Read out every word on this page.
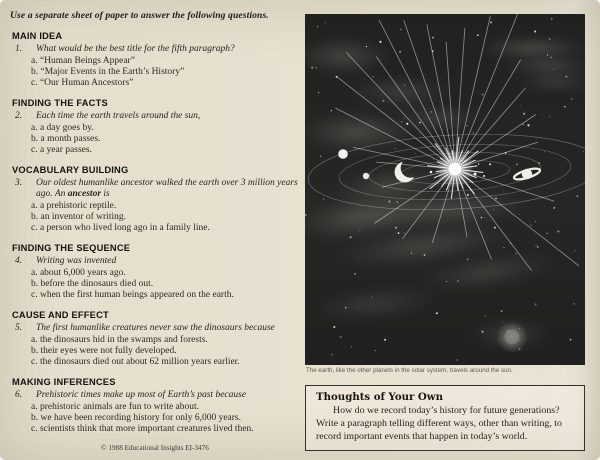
Use a separate sheet of paper to answer the following questions.

MAIN IDEA
1.	What would be the best title for the fifth paragraph?
a. “Human Beings Appear”
b. “Major Events in the Earth’s History”
c. “Our Human Ancestors”
FINDING THE FACTS
2.	Each time the earth travels around the sun,
a. a day goes by.
b. a month passes.
c. a year passes.
VOCABULARY BUILDING
3.	Our oldest humanlike ancestor walked the earth over 3 million years ago. An ancestor is
a. a prehistoric reptile.
b. an inventor of writing.
c. a person who lived long ago in a family line.
FINDING THE SEQUENCE
4.	Writing was invented
a. about 6,000 years ago.
b. before the dinosaurs died out.
c. when the first human beings appeared on the earth.
CAUSE AND EFFECT
5.	The first humanlike creatures never saw the dinosaurs because
a. the dinosaurs hid in the swamps and forests.
b. their eyes were not fully developed.
c. the dinosaurs died out about 62 million years earlier.
MAKING INFERENCES
6.	Prehistoric times make up most of Earth’s past because
a. prehistoric animals are fun to write about.
b. we have been recording history for only 6,000 years.
c. scientists think that more important creatures lived then.

© 1988 Educational Insights EI-3476

The earth, like the other planets in the solar system, travels around the sun.

Thoughts of Your Own

How do we record today’s history for future generations? Write a paragraph telling different ways, other than writing, to record important events that happen in today’s world.
